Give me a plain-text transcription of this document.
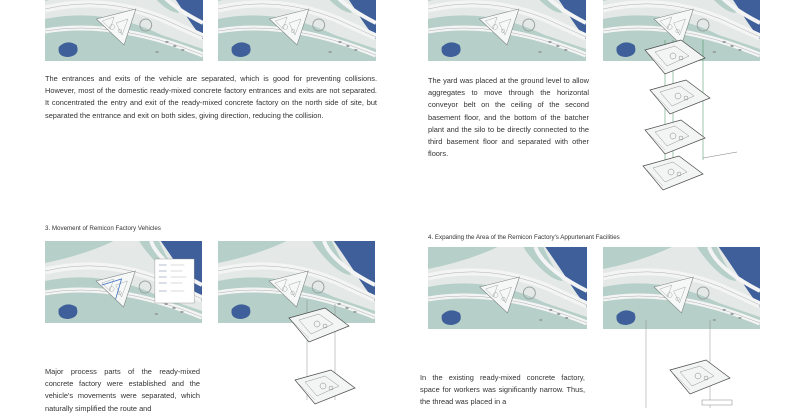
The entrances and exits of the vehicle are separated, which is good for preventing collisions. However, most of the domestic ready-mixed concrete factory entrances and exits are not separated. It concentrated the entry and exit of the ready-mixed concrete factory on the north side of site, but separated the entrance and exit on both sides, giving direction, reducing the collision.

The yard was placed at the ground level to allow aggregates to move through the horizontal conveyor belt on the ceiling of the second basement floor, and the bottom of the batcher plant and the silo to be directly connected to the third basement floor and separated with other floors.

3. Movement of Remicon Factory Vehicles

Major process parts of the ready-mixed concrete factory were established and the vehicle's movements were separated, which naturally simplified the route and

4. Expanding the Area of the Remicon Factory's Appurtenant Facilities

In the existing ready-mixed concrete factory, space for workers was significantly narrow. Thus, the thread was placed in a
